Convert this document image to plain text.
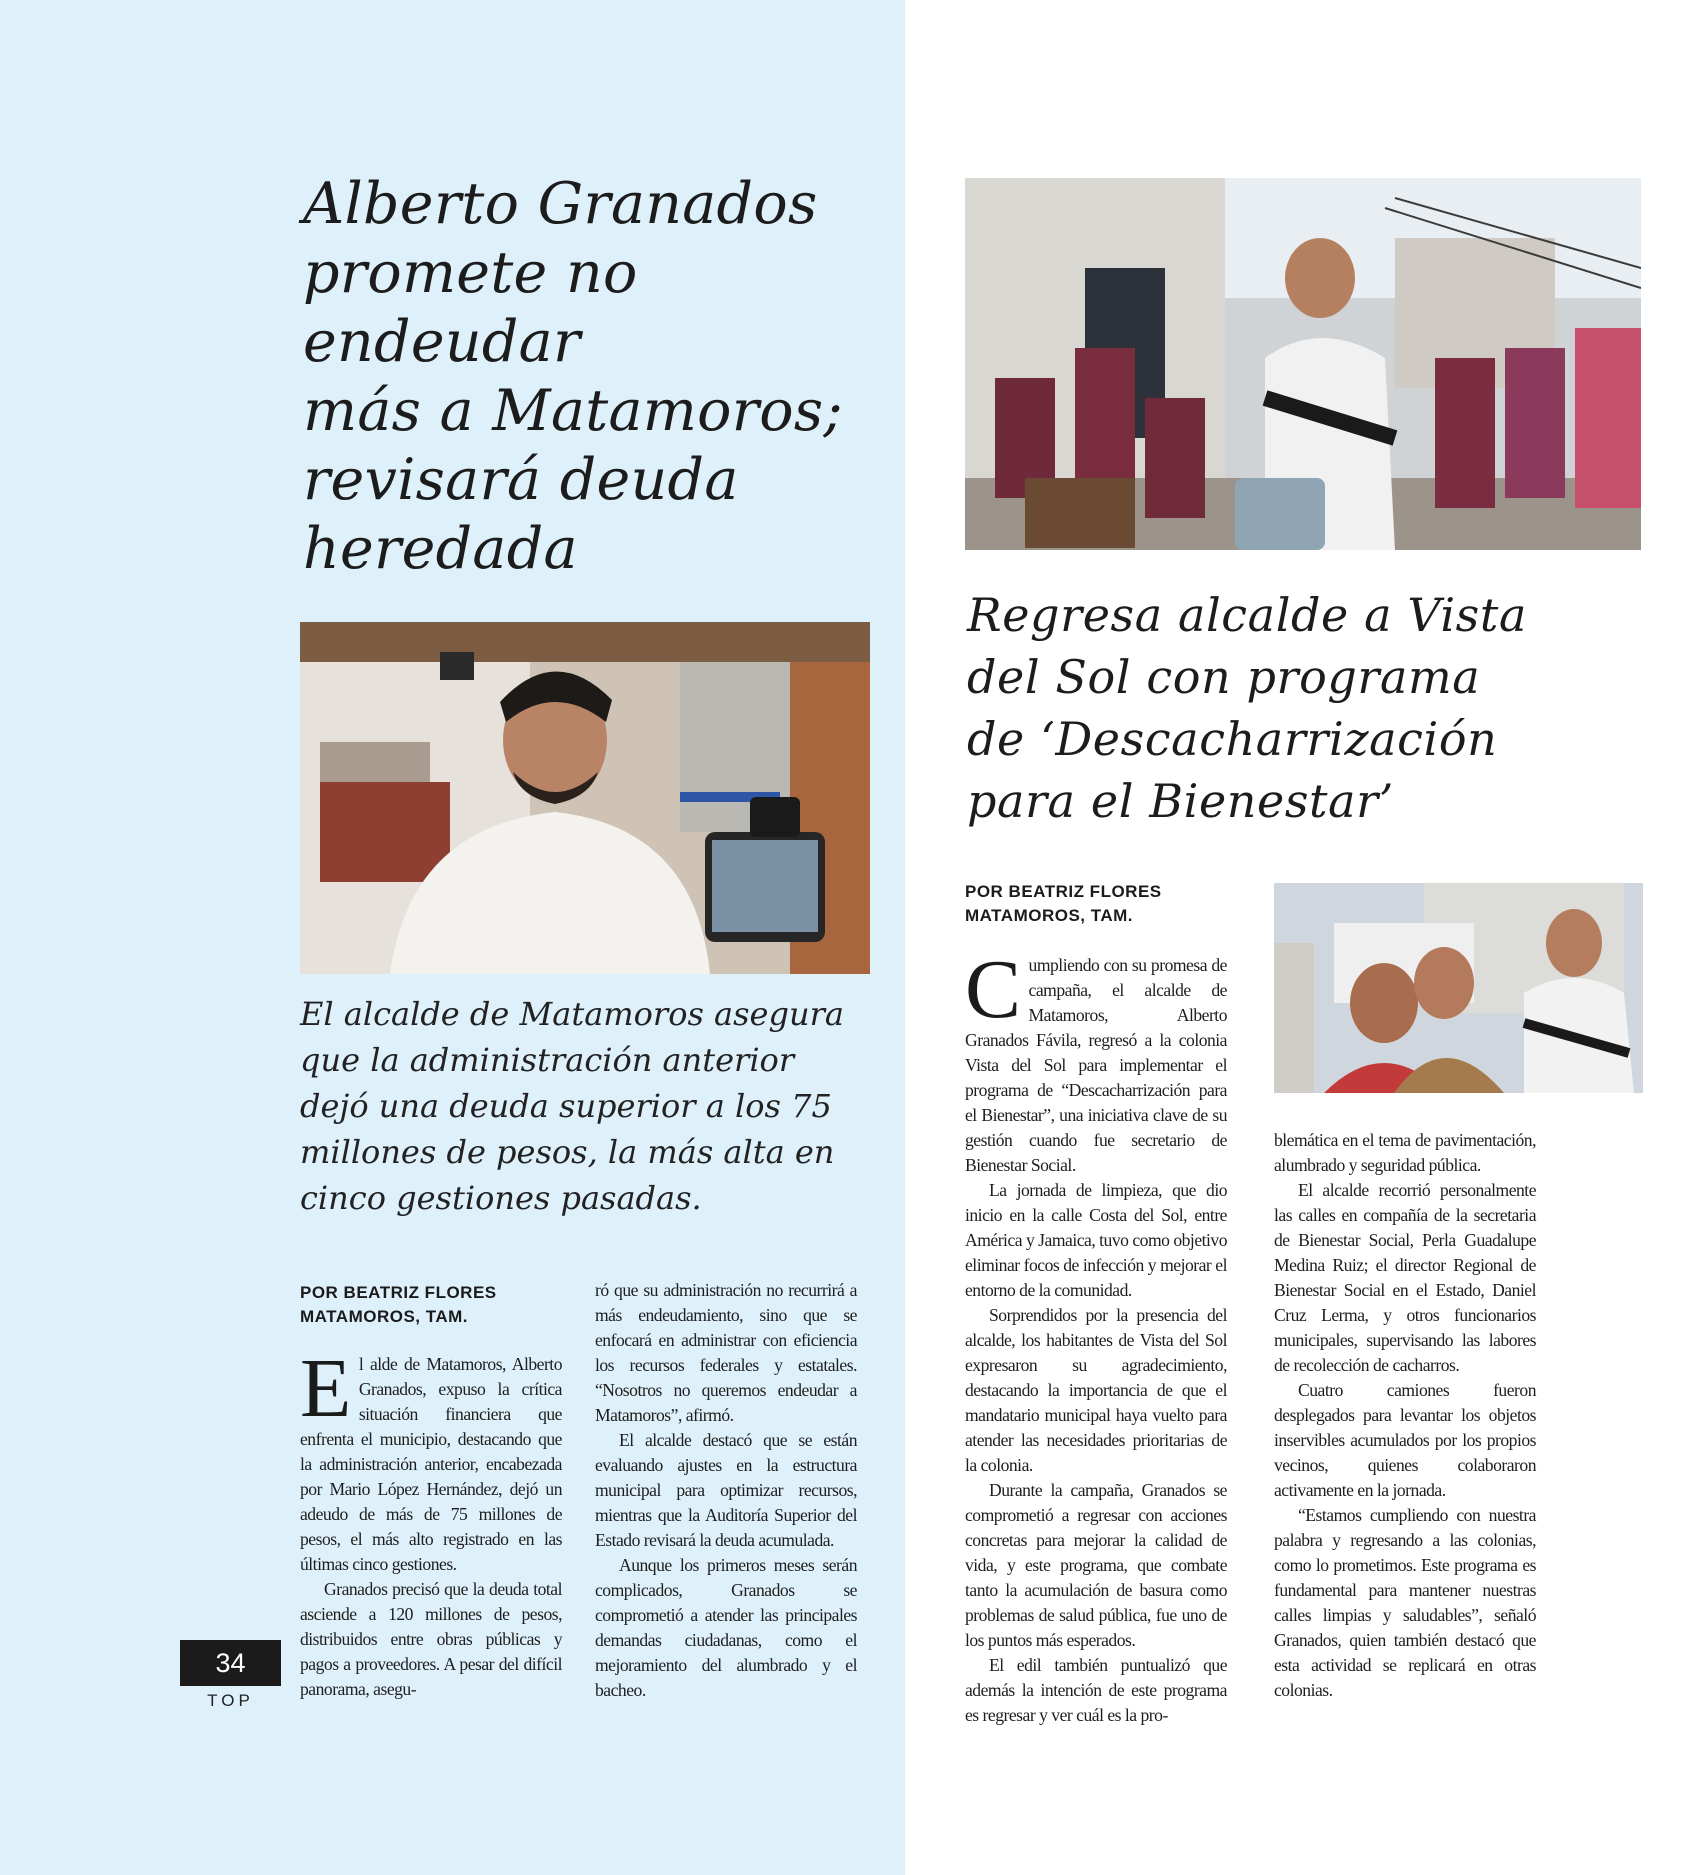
Alberto Granados
promete no
endeudar
más a Matamoros;
revisará deuda
heredada

El alcalde de Matamoros asegura
que la administración anterior
dejó una deuda superior a los 75
millones de pesos, la más alta en
cinco gestiones pasadas.

POR BEATRIZ FLORES
MATAMOROS, TAM.

El alde de Matamoros, Alberto Granados, expuso la crítica situación financiera que enfrenta el municipio, destacando que la administración anterior, encabezada por Mario López Hernández, dejó un adeudo de más de 75 millones de pesos, el más alto registrado en las últimas cinco gestiones.

Granados precisó que la deuda total asciende a 120 millones de pesos, distribuidos entre obras públicas y pagos a proveedores. A pesar del difícil panorama, asegu-

ró que su administración no recurrirá a más endeudamiento, sino que se enfocará en administrar con eficiencia los recursos federales y estatales. “Nosotros no queremos endeudar a Matamoros”, afirmó.

El alcalde destacó que se están evaluando ajustes en la estructura municipal para optimizar recursos, mientras que la Auditoría Superior del Estado revisará la deuda acumulada.

Aunque los primeros meses serán complicados, Granados se comprometió a atender las principales demandas ciudadanas, como el mejoramiento del alumbrado y el bacheo.

34
TOP
Regresa alcalde a Vista
del Sol con programa
de ‘Descacharrización
para el Bienestar’
POR BEATRIZ FLORES
MATAMOROS, TAM.

Cumpliendo con su promesa de campaña, el alcalde de Matamoros, Alberto Granados Fávila, regresó a la colonia Vista del Sol para implementar el programa de “Descacharrización para el Bienestar”, una iniciativa clave de su gestión cuando fue secretario de Bienestar Social.

La jornada de limpieza, que dio inicio en la calle Costa del Sol, entre América y Jamaica, tuvo como objetivo eliminar focos de infección y mejorar el entorno de la comunidad.

Sorprendidos por la presencia del alcalde, los habitantes de Vista del Sol expresaron su agradecimiento, destacando la importancia de que el mandatario municipal haya vuelto para atender las necesidades prioritarias de la colonia.

Durante la campaña, Granados se comprometió a regresar con acciones concretas para mejorar la calidad de vida, y este programa, que combate tanto la acumulación de basura como problemas de salud pública, fue uno de los puntos más esperados.

El edil también puntualizó que además la intención de este programa es regresar y ver cuál es la pro-

blemática en el tema de pavimentación, alumbrado y seguridad pública.

El alcalde recorrió personalmente las calles en compañía de la secretaria de Bienestar Social, Perla Guadalupe Medina Ruiz; el director Regional de Bienestar Social en el Estado, Daniel Cruz Lerma, y otros funcionarios municipales, supervisando las labores de recolección de cacharros.

Cuatro camiones fueron desplegados para levantar los objetos inservibles acumulados por los propios vecinos, quienes colaboraron activamente en la jornada.

“Estamos cumpliendo con nuestra palabra y regresando a las colonias, como lo prometimos. Este programa es fundamental para mantener nuestras calles limpias y saludables”, señaló Granados, quien también destacó que esta actividad se replicará en otras colonias.
